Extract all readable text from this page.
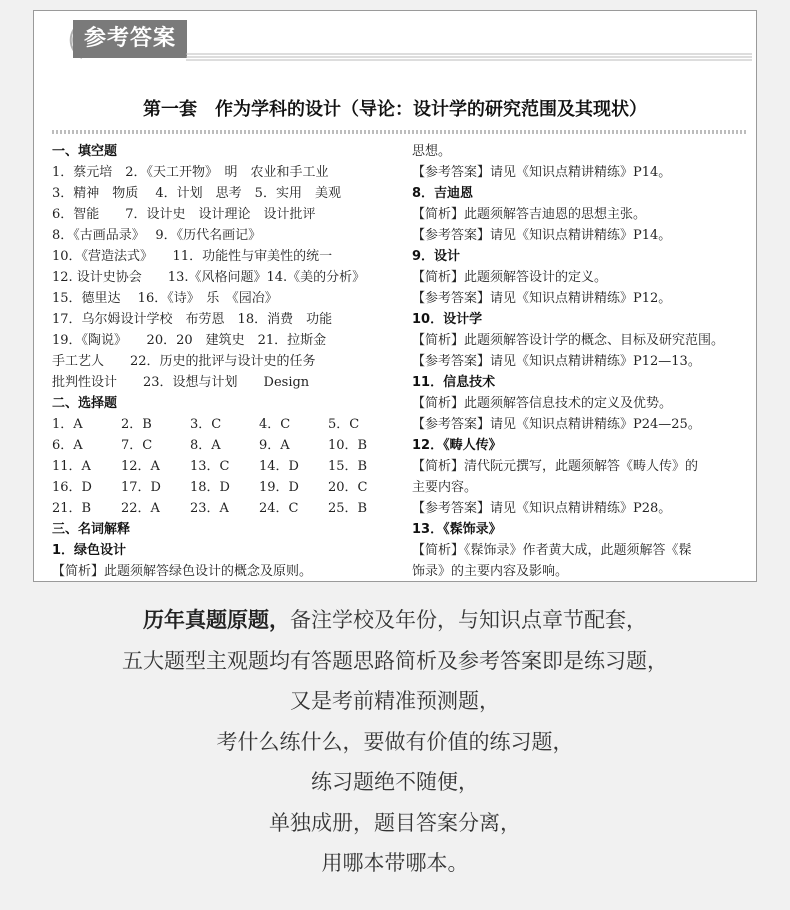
参考答案
第一套　作为学科的设计（导论：设计学的研究范围及其现状）
一、填空题
1．蔡元培　2．《天工开物》　明　农业和手工业
3．精神　物质　 4．计划　思考　5．实用　美观
6．智能　　7．设计史　设计理论　设计批评
8．《古画品录》　 9．《历代名画记》
10．《营造法式》　　11．功能性与审美性的统一
12. 设计史协会　　13.《风格问题》14.《美的分析》
15．德里达　 16．《诗》　乐　《园冶》
17．乌尔姆设计学校　布劳恩　18．消费　功能
19．《陶说》　　20．20　建筑史　21．拉斯金
手工艺人　　22．历史的批评与设计史的任务
批判性设计　　23．设想与计划　　Design
二、选择题
1．A	2．B	3．C	4．C	5．C
6．A	7．C	8．A	9．A	10．B
11．A	12．A	13．C	14．D	15．B
16．D	17．D	18．D	19．D	20．C
21．B	22．A	23．A	24．C	25．B
三、名词解释
1．绿色设计
【简析】此题须解答绿色设计的概念及原则。
思想。
【参考答案】请见《知识点精讲精练》P14。
8．吉迪恩
【简析】此题须解答吉迪恩的思想主张。
【参考答案】请见《知识点精讲精练》P14。
9．设计
【简析】此题须解答设计的定义。
【参考答案】请见《知识点精讲精练》P12。
10．设计学
【简析】此题须解答设计学的概念、目标及研究范围。
【参考答案】请见《知识点精讲精练》P12—13。
11．信息技术
【简析】此题须解答信息技术的定义及优势。
【参考答案】请见《知识点精讲精练》P24—25。
12．《畴人传》
【简析】清代阮元撰写，此题须解答《畴人传》的
主要内容。
【参考答案】请见《知识点精讲精练》P28。
13．《髹饰录》
【简析】《髹饰录》作者黄大成，此题须解答《髹
饰录》的主要内容及影响。
历年真题原题，备注学校及年份，与知识点章节配套，
五大题型主观题均有答题思路简析及参考答案即是练习题，
又是考前精准预测题，
考什么练什么，要做有价值的练习题，
练习题绝不随便，
单独成册，题目答案分离，
用哪本带哪本。
